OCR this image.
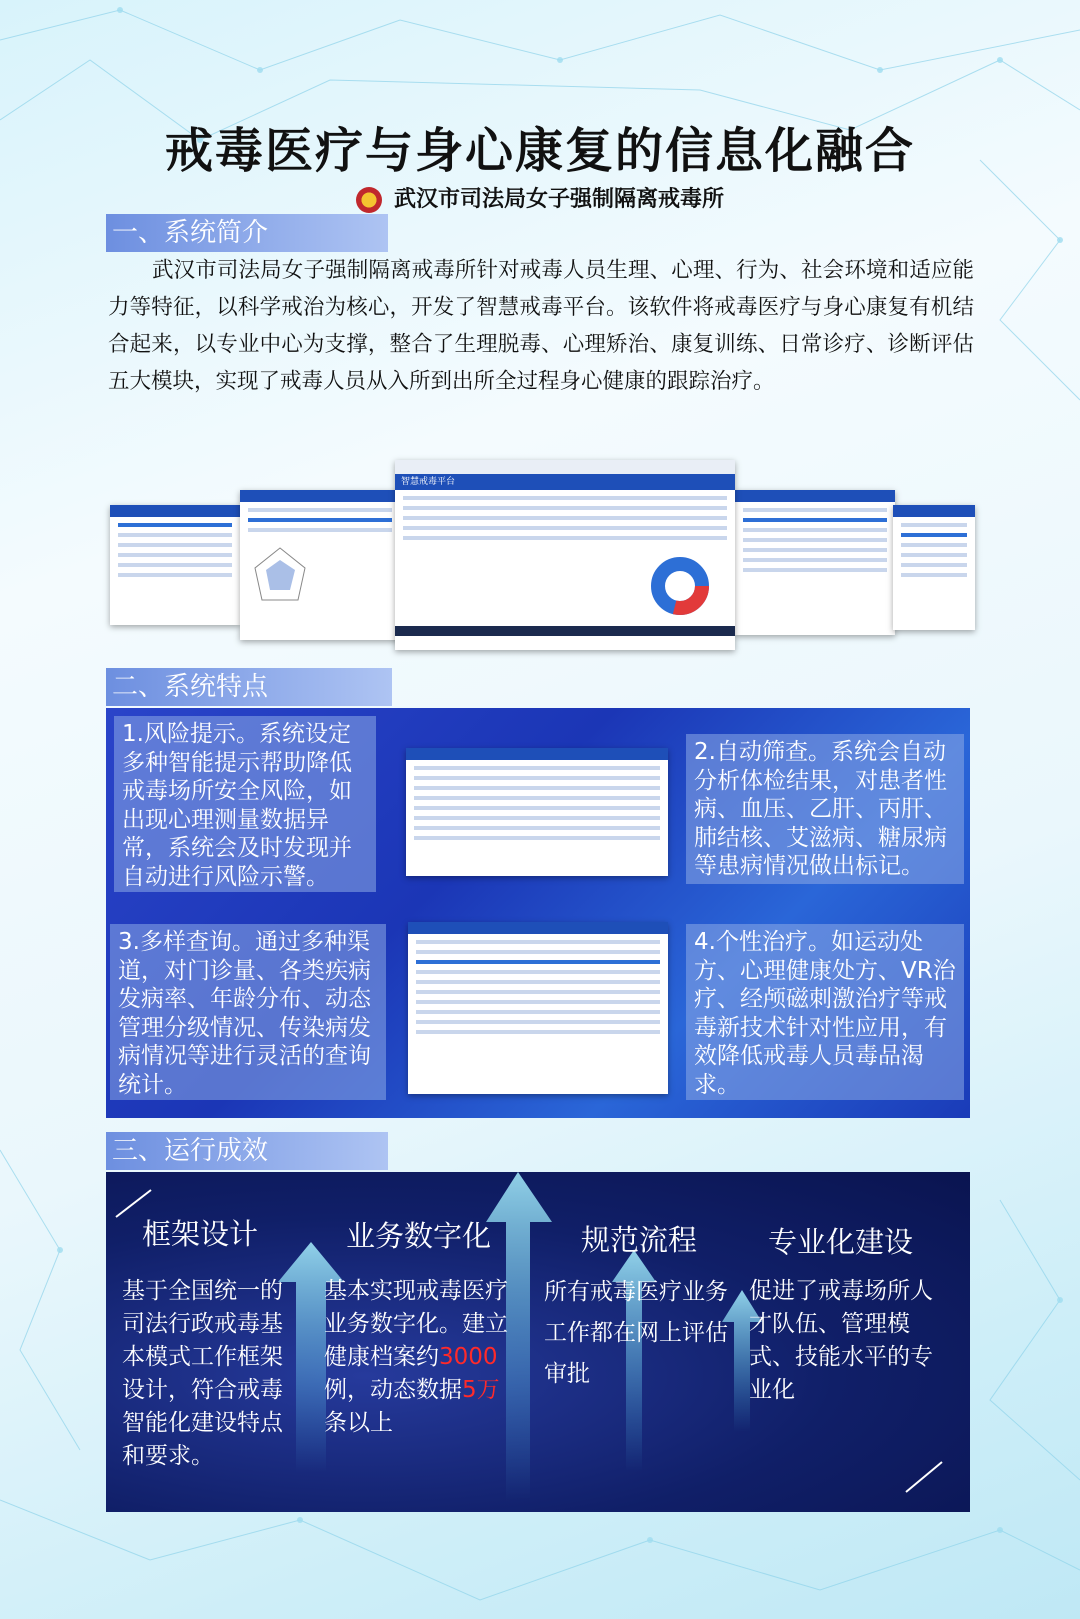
戒毒医疗与身心康复的信息化融合
武汉市司法局女子强制隔离戒毒所
一、系统简介
武汉市司法局女子强制隔离戒毒所针对戒毒人员生理、心理、行为、社会环境和适应能力等特征，以科学戒治为核心，开发了智慧戒毒平台。该软件将戒毒医疗与身心康复有机结合起来，以专业中心为支撑，整合了生理脱毒、心理矫治、康复训练、日常诊疗、诊断评估五大模块，实现了戒毒人员从入所到出所全过程身心健康的跟踪治疗。
智慧戒毒平台
二、系统特点
1.风险提示。系统设定多种智能提示帮助降低戒毒场所安全风险，如出现心理测量数据异常，系统会及时发现并自动进行风险示警。
2.自动筛查。系统会自动分析体检结果，对患者性病、血压、乙肝、丙肝、肺结核、艾滋病、糖尿病等患病情况做出标记。
3.多样查询。通过多种渠道，对门诊量、各类疾病发病率、年龄分布、动态管理分级情况、传染病发病情况等进行灵活的查询统计。
4.个性治疗。如运动处方、心理健康处方、VR治疗、经颅磁刺激治疗等戒毒新技术针对性应用，有效降低戒毒人员毒品渴求。
三、运行成效
框架设计
基于全国统一的司法行政戒毒基本模式工作框架设计，符合戒毒智能化建设特点和要求。
业务数字化
基本实现戒毒医疗业务数字化。建立健康档案约3000例，动态数据5万条以上
规范流程
所有戒毒医疗业务工作都在网上评估审批
专业化建设
促进了戒毒场所人才队伍、管理模式、技能水平的专业化
